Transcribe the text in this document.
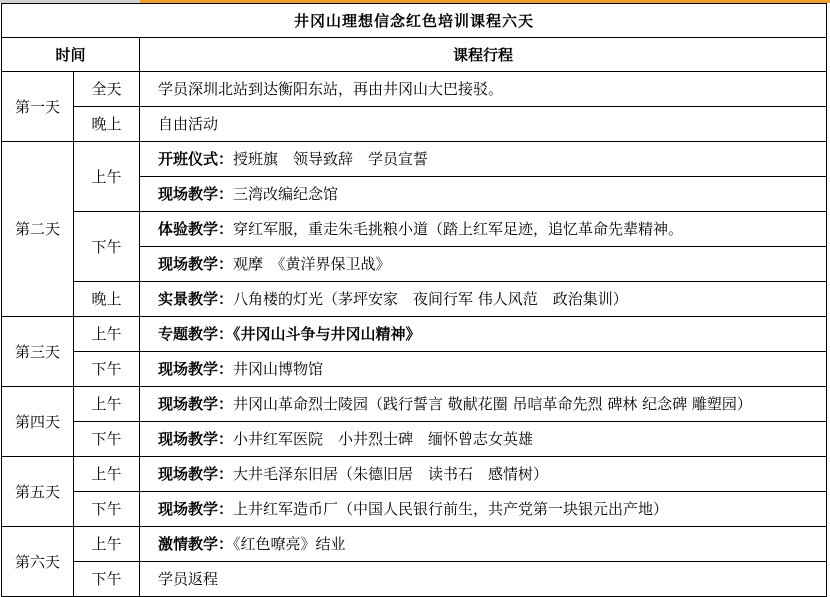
井冈山理想信念红色培训课程六天		
时间		课程行程
第一天	全天	学员深圳北站到达衡阳东站，再由井冈山大巴接驳。
	晚上	自由活动
第二天	上午	开班仪式：授班旗　领导致辞　学员宣誓
		现场教学：三湾改编纪念馆
	下午	体验教学：穿红军服，重走朱毛挑粮小道（踏上红军足迹，追忆革命先辈精神。
		现场教学：观摩　《黄洋界保卫战》
	晚上	实景教学：八角楼的灯光（茅坪安家　夜间行军 伟人风范　政治集训）
第三天	上午	专题教学：《井冈山斗争与井冈山精神》
	下午	现场教学：井冈山博物馆
第四天	上午	现场教学：井冈山革命烈士陵园（践行誓言 敬献花圈 吊唁革命先烈 碑林 纪念碑 雕塑园）
	下午	现场教学：小井红军医院　小井烈士碑　缅怀曾志女英雄
第五天	上午	现场教学：大井毛泽东旧居（朱德旧居　读书石　感情树）
	下午	现场教学：上井红军造币厂（中国人民银行前生，共产党第一块银元出产地）
第六天	上午	激情教学：《红色嘹亮》结业
	下午	学员返程
